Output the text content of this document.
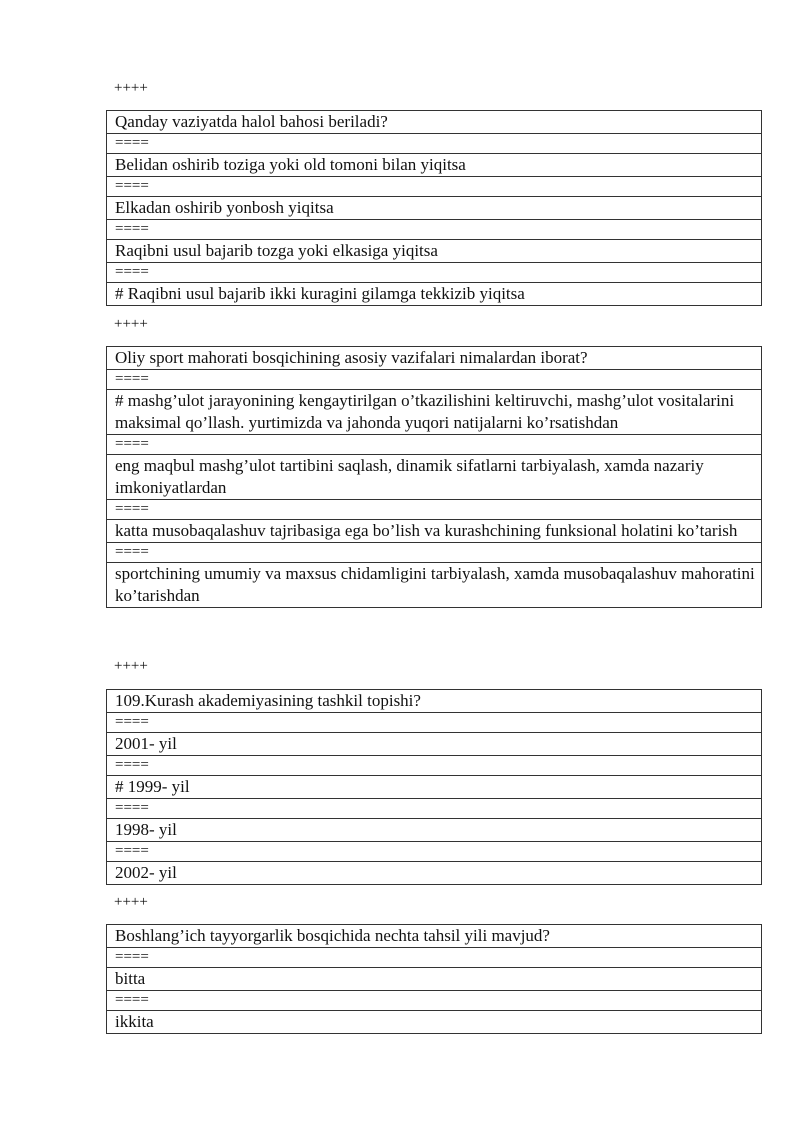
++++
Qanday vaziyatda halol bahosi beriladi?
====
Belidan oshirib toziga yoki old tomoni bilan yiqitsa
====
Elkadan oshirib yonbosh yiqitsa
====
Raqibni usul bajarib tozga yoki elkasiga yiqitsa
====
# Raqibni usul bajarib ikki kuragini gilamga tekkizib yiqitsa
++++
Oliy sport mahorati bosqichining asosiy vazifalari nimalardan iborat?
====
# mashg’ulot jarayonining kengaytirilgan o’tkazilishini keltiruvchi, mashg’ulot vositalarini maksimal qo’llash. yurtimizda va jahonda yuqori natijalarni ko’rsatishdan
====
eng maqbul mashg’ulot tartibini saqlash, dinamik sifatlarni tarbiyalash, xamda nazariy imkoniyatlardan
====
katta musobaqalashuv tajribasiga ega bo’lish va kurashchining funksional holatini ko’tarish
====
sportchining umumiy va maxsus chidamligini tarbiyalash, xamda musobaqalashuv mahoratini ko’tarishdan
++++
109.Kurash akademiyasining tashkil topishi?
====
2001- yil
====
# 1999- yil
====
1998- yil
====
2002- yil
++++
Boshlang’ich tayyorgarlik bosqichida nechta tahsil yili mavjud?
====
bitta
====
ikkita
